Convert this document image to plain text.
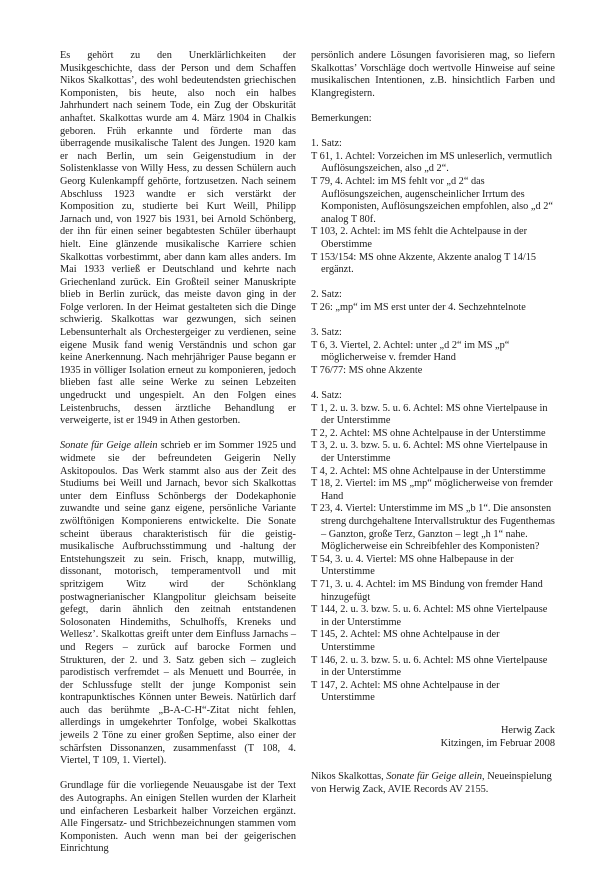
Es gehört zu den Unerklärlichkeiten der Musikgeschichte, dass der Person und dem Schaffen Nikos Skalkottas’, des wohl bedeutendsten griechischen Komponisten, bis heute, also noch ein halbes Jahrhundert nach seinem Tode, ein Zug der Obskurität anhaftet. Skalkottas wurde am 4. März 1904 in Chalkis geboren. Früh erkannte und förderte man das überragende musikalische Talent des Jungen. 1920 kam er nach Berlin, um sein Geigenstudium in der Solistenklasse von Willy Hess, zu dessen Schülern auch Georg Kulenkampff gehörte, fortzusetzen. Nach seinem Abschluss 1923 wandte er sich verstärkt der Komposition zu, studierte bei Kurt Weill, Philipp Jarnach und, von 1927 bis 1931, bei Arnold Schönberg, der ihn für einen seiner begabtesten Schüler überhaupt hielt. Eine glänzende musikalische Karriere schien Skalkottas vorbestimmt, aber dann kam alles anders. Im Mai 1933 verließ er Deutschland und kehrte nach Griechenland zurück. Ein Großteil seiner Manuskripte blieb in Berlin zurück, das meiste davon ging in der Folge verloren. In der Heimat gestalteten sich die Dinge schwierig. Skalkottas war gezwungen, sich seinen Lebensunterhalt als Orchestergeiger zu verdienen, seine eigene Musik fand wenig Verständnis und schon gar keine Anerkennung. Nach mehrjähriger Pause begann er 1935 in völliger Isolation erneut zu komponieren, jedoch blieben fast alle seine Werke zu seinen Lebzeiten ungedruckt und ungespielt. An den Folgen eines Leistenbruchs, dessen ärztliche Behandlung er verweigerte, ist er 1949 in Athen gestorben.

Sonate für Geige allein schrieb er im Sommer 1925 und widmete sie der befreundeten Geigerin Nelly Askitopoulos. Das Werk stammt also aus der Zeit des Studiums bei Weill und Jarnach, bevor sich Skalkottas unter dem Einfluss Schönbergs der Dodekaphonie zuwandte und seine ganz eigene, persönliche Variante zwölftönigen Komponierens entwickelte. Die Sonate scheint überaus charakteristisch für die geistig-musikalische Aufbruchsstimmung und -haltung der Entstehungszeit zu sein. Frisch, knapp, mutwillig, dissonant, motorisch, temperamentvoll und mit spritzigem Witz wird der Schönklang postwagnerianischer Klangpolitur gleichsam beiseite gefegt, darin ähnlich den zeitnah entstandenen Solosonaten Hindemiths, Schulhoffs, Kreneks und Wellesz’. Skalkottas greift unter dem Einfluss Jarnachs – und Regers – zurück auf barocke Formen und Strukturen, der 2. und 3. Satz geben sich – zugleich parodistisch verfremdet – als Menuett und Bourrée, in der Schlussfuge stellt der junge Komponist sein kontrapunktisches Können unter Beweis. Natürlich darf auch das berühmte „B-A-C-H“-Zitat nicht fehlen, allerdings in umgekehrter Tonfolge, wobei Skalkottas jeweils 2 Töne zu einer großen Septime, also einer der schärfsten Dissonanzen, zusammenfasst (T 108, 4. Viertel, T 109, 1. Viertel).

Grundlage für die vorliegende Neuausgabe ist der Text des Autographs. An einigen Stellen wurden der Klarheit und einfacheren Lesbarkeit halber Vorzeichen ergänzt. Alle Fingersatz- und Strichbezeichnungen stammen vom Komponisten. Auch wenn man bei der geigerischen Einrichtung

persönlich andere Lösungen favorisieren mag, so liefern Skalkottas’ Vorschläge doch wertvolle Hinweise auf seine musikalischen Intentionen, z.B. hinsichtlich Farben und Klangregistern.

Bemerkungen:
1. Satz:
T 61, 1. Achtel: Vorzeichen im MS unleserlich, vermutlich Auflösungszeichen, also „d 2“.
T 79, 4. Achtel: im MS fehlt vor „d 2“ das Auflösungszeichen, augenscheinlicher Irrtum des Komponisten, Auflösungszeichen empfohlen, also „d 2“ analog T 80f.
T 103, 2. Achtel: im MS fehlt die Achtelpause in der Oberstimme
T 153/154: MS ohne Akzente, Akzente analog T 14/15 ergänzt.
2. Satz:
T 26: „mp“ im MS erst unter der 4. Sechzehntelnote
3. Satz:
T 6, 3. Viertel, 2. Achtel: unter „d 2“ im MS „p“ möglicherweise v. fremder Hand
T 76/77: MS ohne Akzente
4. Satz:
T 1, 2. u. 3. bzw. 5. u. 6. Achtel: MS ohne Viertelpause in der Unterstimme
T 2, 2. Achtel: MS ohne Achtelpause in der Unterstimme
T 3, 2. u. 3. bzw. 5. u. 6. Achtel: MS ohne Viertelpause in der Unterstimme
T 4, 2. Achtel: MS ohne Achtelpause in der Unterstimme
T 18, 2. Viertel: im MS „mp“ möglicherweise von fremder Hand
T 23, 4. Viertel: Unterstimme im MS „b 1“. Die ansonsten streng durchgehaltene Intervallstruktur des Fugenthemas – Ganzton, große Terz, Ganzton – legt „h 1“ nahe. Möglicherweise ein Schreibfehler des Komponisten?
T 54, 3. u. 4. Viertel: MS ohne Halbepause in der Unterstimme
T 71, 3. u. 4. Achtel: im MS Bindung von fremder Hand hinzugefügt
T 144, 2. u. 3. bzw. 5. u. 6. Achtel: MS ohne Viertelpause in der Unterstimme
T 145, 2. Achtel: MS ohne Achtelpause in der Unterstimme
T 146, 2. u. 3. bzw. 5. u. 6. Achtel: MS ohne Viertelpause in der Unterstimme
T 147, 2. Achtel: MS ohne Achtelpause in der Unterstimme
Herwig Zack
Kitzingen, im Februar 2008

Nikos Skalkottas, Sonate für Geige allein, Neueinspielung von Herwig Zack, AVIE Records AV 2155.
